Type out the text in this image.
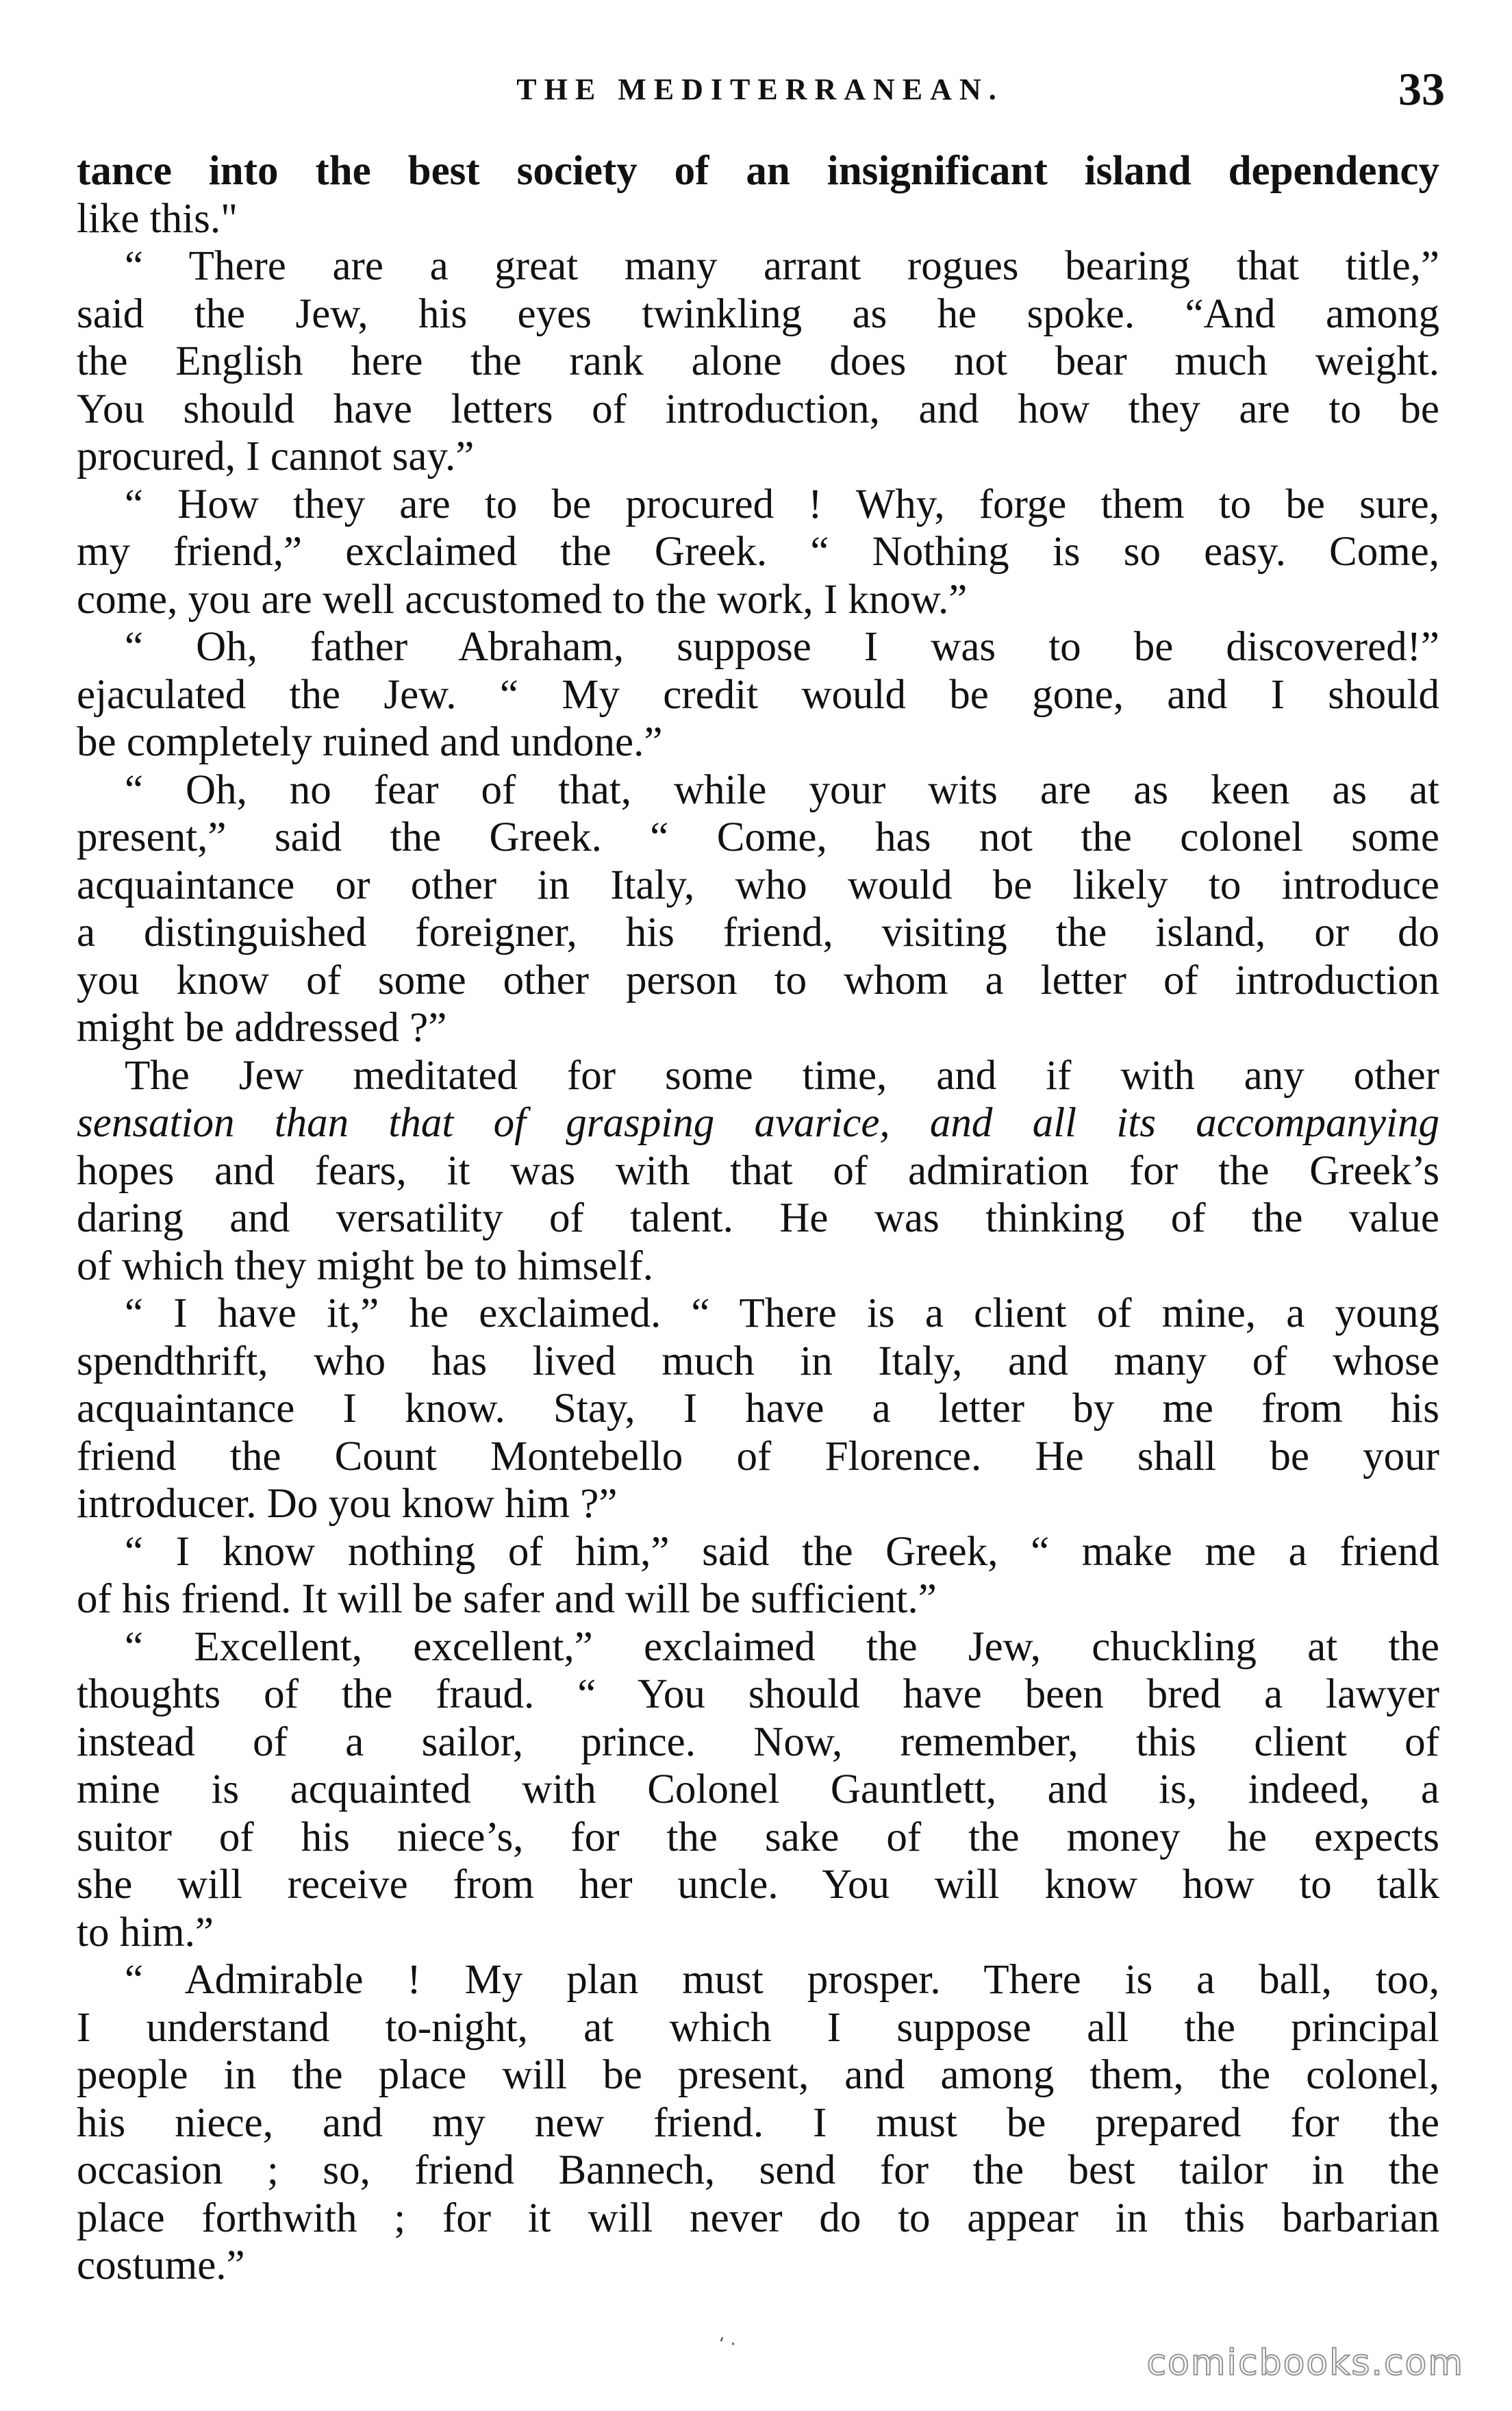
THE MEDITERRANEAN.	33
tance into the best society of an insignificant island dependency
like this."
“ There are a great many arrant rogues bearing that title,”
said the Jew, his eyes twinkling as he spoke. “And among
the English here the rank alone does not bear much weight.
You should have letters of introduction, and how they are to be
procured, I cannot say.”
“ How they are to be procured ! Why, forge them to be sure,
my friend,” exclaimed the Greek. “ Nothing is so easy. Come,
come, you are well accustomed to the work, I know.”
“ Oh, father Abraham, suppose I was to be discovered!”
ejaculated the Jew. “ My credit would be gone, and I should
be completely ruined and undone.”
“ Oh, no fear of that, while your wits are as keen as at
present,” said the Greek. “ Come, has not the colonel some
acquaintance or other in Italy, who would be likely to introduce
a distinguished foreigner, his friend, visiting the island, or do
you know of some other person to whom a letter of introduction
might be addressed ?”
The Jew meditated for some time, and if with any other
sensation than that of grasping avarice, and all its accompanying
hopes and fears, it was with that of admiration for the Greek’s
daring and versatility of talent. He was thinking of the value
of which they might be to himself.
“ I have it,” he exclaimed. “ There is a client of mine, a young
spendthrift, who has lived much in Italy, and many of whose
acquaintance I know. Stay, I have a letter by me from his
friend the Count Montebello of Florence. He shall be your
introducer. Do you know him ?”
“ I know nothing of him,” said the Greek, “ make me a friend
of his friend. It will be safer and will be sufficient.”
“ Excellent, excellent,” exclaimed the Jew, chuckling at the
thoughts of the fraud. “ You should have been bred a lawyer
instead of a sailor, prince. Now, remember, this client of
mine is acquainted with Colonel Gauntlett, and is, indeed, a
suitor of his niece’s, for the sake of the money he expects
she will receive from her uncle. You will know how to talk
to him.”
“ Admirable ! My plan must prosper. There is a ball, too,
I understand to-night, at which I suppose all the principal
people in the place will be present, and among them, the colonel,
his niece, and my new friend. I must be prepared for the
occasion ; so, friend Bannech, send for the best tailor in the
place forthwith ; for it will never do to appear in this barbarian
costume.”
‘ ·	comicbooks.com
